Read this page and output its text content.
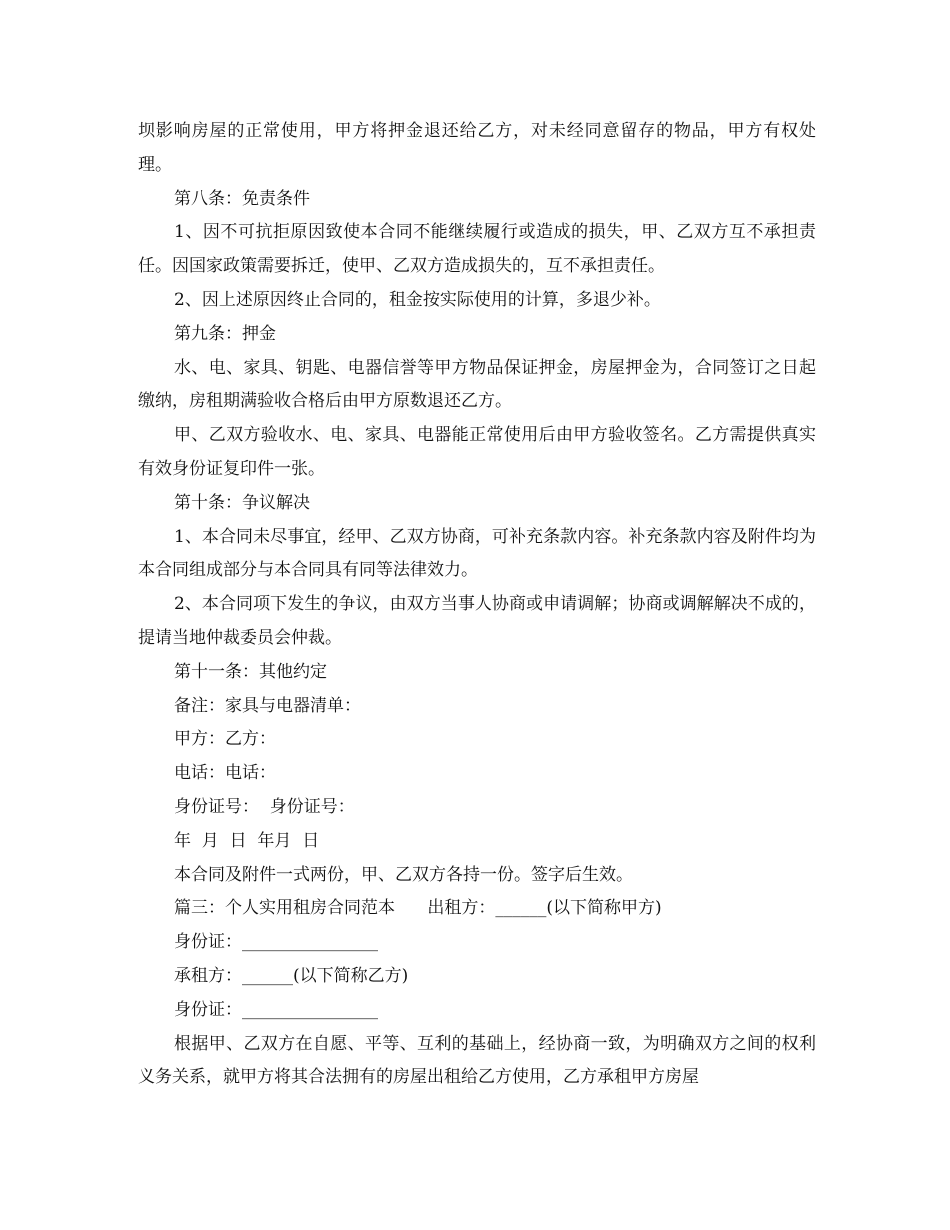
坝影响房屋的正常使用，甲方将押金退还给乙方，对未经同意留存的物品，甲方有权处理。

第八条：免责条件

1、因不可抗拒原因致使本合同不能继续履行或造成的损失，甲、乙双方互不承担责任。因国家政策需要拆迁，使甲、乙双方造成损失的，互不承担责任。

2、因上述原因终止合同的，租金按实际使用的计算，多退少补。

第九条：押金

水、电、家具、钥匙、电器信誉等甲方物品保证押金，房屋押金为，合同签订之日起缴纳，房租期满验收合格后由甲方原数退还乙方。

甲、乙双方验收水、电、家具、电器能正常使用后由甲方验收签名。乙方需提供真实有效身份证复印件一张。

第十条：争议解决

1、本合同未尽事宜，经甲、乙双方协商，可补充条款内容。补充条款内容及附件均为本合同组成部分与本合同具有同等法律效力。

2、本合同项下发生的争议，由双方当事人协商或申请调解；协商或调解解决不成的，提请当地仲裁委员会仲裁。

第十一条：其他约定

备注：家具与电器清单：

甲方：乙方：

电话：电话：

身份证号：  身份证号：

年  月  日  年月  日

本合同及附件一式两份，甲、乙双方各持一份。签字后生效。

篇三：个人实用租房合同范本      出租方：______(以下简称甲方)

身份证：________________

承租方：______(以下简称乙方)

身份证：________________

根据甲、乙双方在自愿、平等、互利的基础上，经协商一致，为明确双方之间的权利义务关系，就甲方将其合法拥有的房屋出租给乙方使用，乙方承租甲方房屋
